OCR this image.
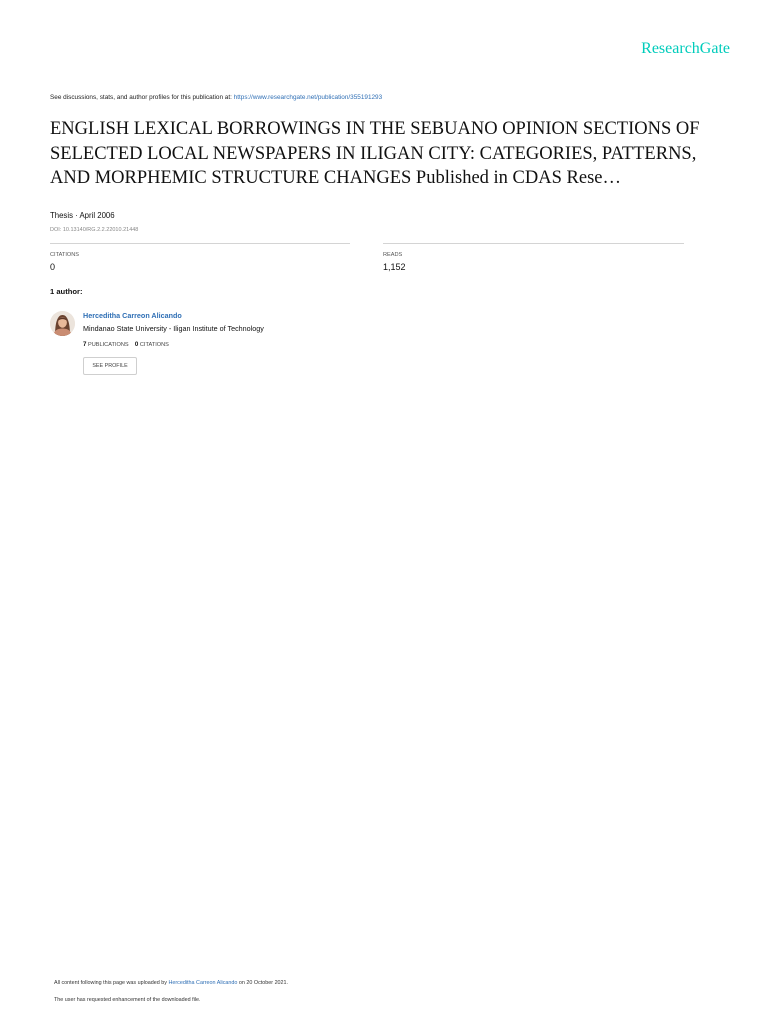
ResearchGate
See discussions, stats, and author profiles for this publication at: https://www.researchgate.net/publication/355191293
ENGLISH LEXICAL BORROWINGS IN THE SEBUANO OPINION SECTIONS OF SELECTED LOCAL NEWSPAPERS IN ILIGAN CITY: CATEGORIES, PATTERNS, AND MORPHEMIC STRUCTURE CHANGES Published in CDAS Rese…
Thesis · April 2006
DOI: 10.13140/RG.2.2.22010.21448
CITATIONS
0
READS
1,152
1 author:
Herceditha Carreon Alicando
Mindanao State University - Iligan Institute of Technology
7 PUBLICATIONS 0 CITATIONS
SEE PROFILE
All content following this page was uploaded by Herceditha Carreon Alicando on 20 October 2021.
The user has requested enhancement of the downloaded file.
